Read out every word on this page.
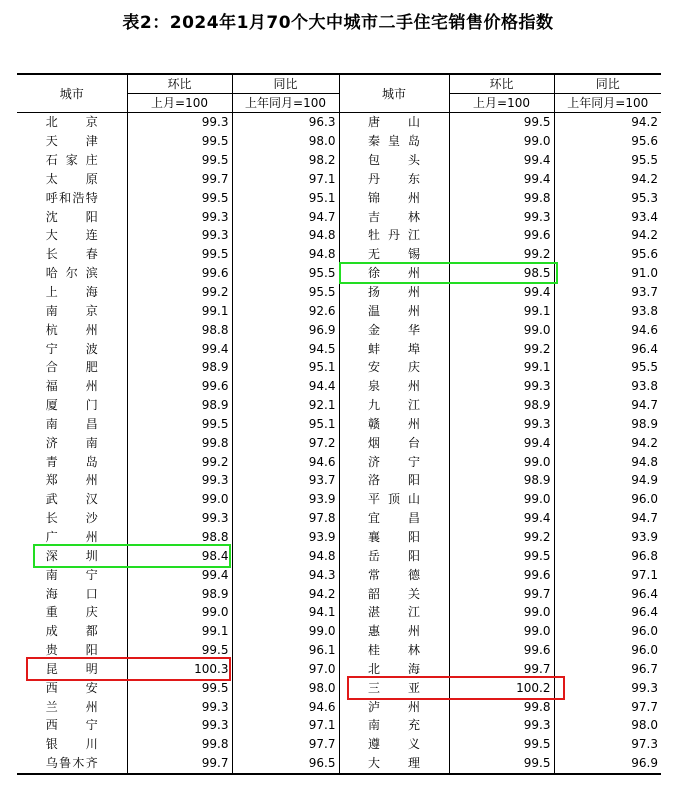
表2：2024年1月70个大中城市二手住宅销售价格指数
城市	环比	同比	城市	环比	同比
	上月=100	上年同月=100		上月=100	上年同月=100

北京	99.3	96.3	唐山	99.5	94.2

天津	99.5	98.0	秦皇岛	99.0	95.6

石家庄	99.5	98.2	包头	99.4	95.5

太原	99.7	97.1	丹东	99.4	94.2

呼和浩特	99.5	95.1	锦州	99.8	95.3

沈阳	99.3	94.7	吉林	99.3	93.4

大连	99.3	94.8	牡丹江	99.6	94.2

长春	99.5	94.8	无锡	99.2	95.6

哈尔滨	99.6	95.5	徐州	98.5	91.0

上海	99.2	95.5	扬州	99.4	93.7

南京	99.1	92.6	温州	99.1	93.8

杭州	98.8	96.9	金华	99.0	94.6

宁波	99.4	94.5	蚌埠	99.2	96.4

合肥	98.9	95.1	安庆	99.1	95.5

福州	99.6	94.4	泉州	99.3	93.8

厦门	98.9	92.1	九江	98.9	94.7

南昌	99.5	95.1	赣州	99.3	98.9

济南	99.8	97.2	烟台	99.4	94.2

青岛	99.2	94.6	济宁	99.0	94.8

郑州	99.3	93.7	洛阳	98.9	94.9

武汉	99.0	93.9	平顶山	99.0	96.0

长沙	99.3	97.8	宜昌	99.4	94.7

广州	98.8	93.9	襄阳	99.2	93.9

深圳	98.4	94.8	岳阳	99.5	96.8

南宁	99.4	94.3	常德	99.6	97.1

海口	98.9	94.2	韶关	99.7	96.4

重庆	99.0	94.1	湛江	99.0	96.4

成都	99.1	99.0	惠州	99.0	96.0

贵阳	99.5	96.1	桂林	99.6	96.0

昆明	100.3	97.0	北海	99.7	96.7

西安	99.5	98.0	三亚	100.2	99.3

兰州	99.3	94.6	泸州	99.8	97.7

西宁	99.3	97.1	南充	99.3	98.0

银川	99.8	97.7	遵义	99.5	97.3

乌鲁木齐	99.7	96.5	大理	99.5	96.9
